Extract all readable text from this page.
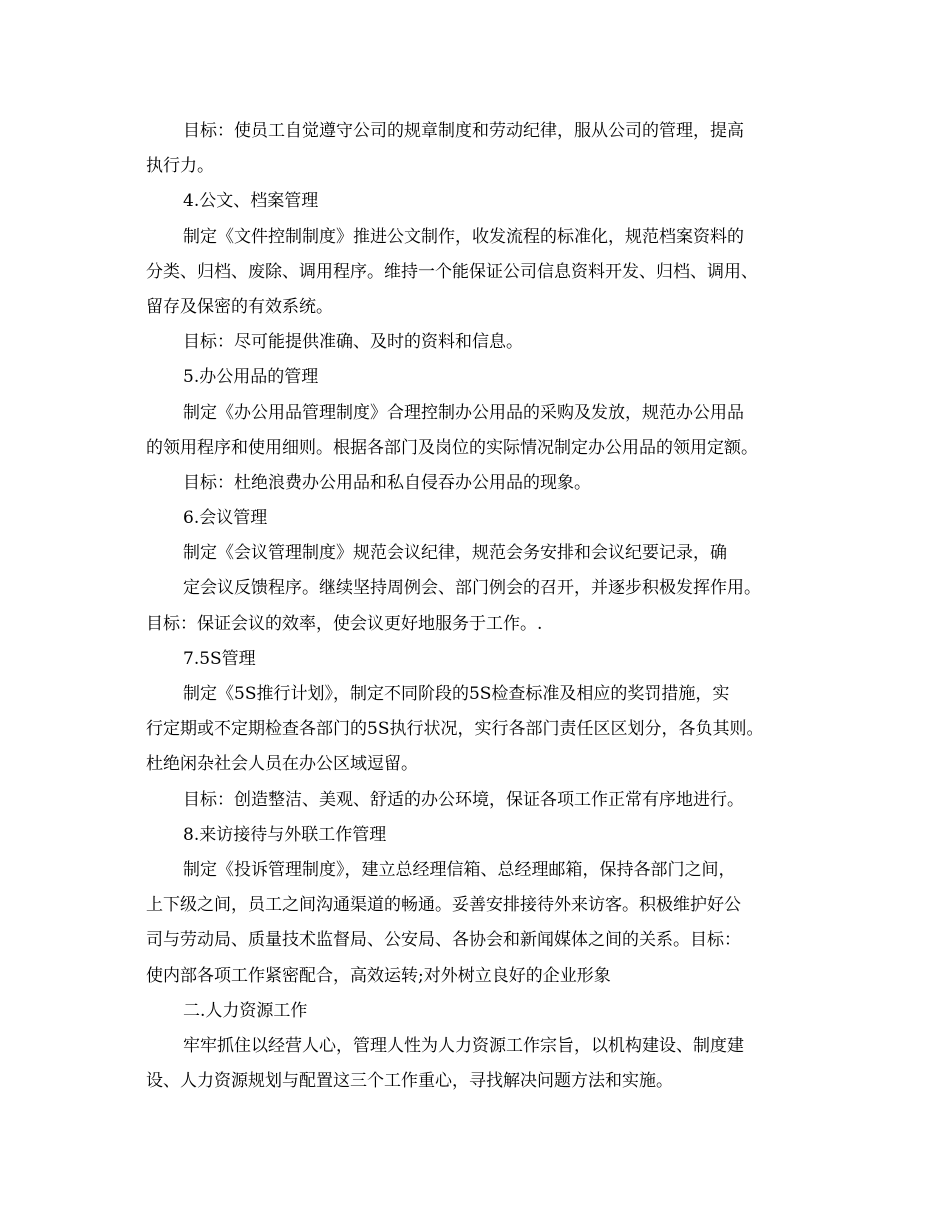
目标：使员工自觉遵守公司的规章制度和劳动纪律，服从公司的管理，提高
执行力。
4.公文、档案管理
制定《文件控制制度》推进公文制作，收发流程的标准化，规范档案资料的
分类、归档、废除、调用程序。维持一个能保证公司信息资料开发、归档、调用、
留存及保密的有效系统。
目标：尽可能提供准确、及时的资料和信息。
5.办公用品的管理
制定《办公用品管理制度》合理控制办公用品的采购及发放，规范办公用品
的领用程序和使用细则。根据各部门及岗位的实际情况制定办公用品的领用定额。
目标：杜绝浪费办公用品和私自侵吞办公用品的现象。
6.会议管理
制定《会议管理制度》规范会议纪律，规范会务安排和会议纪要记录，确
定会议反馈程序。继续坚持周例会、部门例会的召开，并逐步积极发挥作用。
目标：保证会议的效率，使会议更好地服务于工作。.
7.5S管理
制定《5S推行计划》，制定不同阶段的5S检查标准及相应的奖罚措施，实
行定期或不定期检查各部门的5S执行状况，实行各部门责任区区划分，各负其则。
杜绝闲杂社会人员在办公区域逗留。
目标：创造整洁、美观、舒适的办公环境，保证各项工作正常有序地进行。
8.来访接待与外联工作管理
制定《投诉管理制度》，建立总经理信箱、总经理邮箱，保持各部门之间，
上下级之间，员工之间沟通渠道的畅通。妥善安排接待外来访客。积极维护好公
司与劳动局、质量技术监督局、公安局、各协会和新闻媒体之间的关系。目标：
使内部各项工作紧密配合，高效运转;对外树立良好的企业形象
二.人力资源工作
牢牢抓住以经营人心，管理人性为人力资源工作宗旨，以机构建设、制度建
设、人力资源规划与配置这三个工作重心，寻找解决问题方法和实施。
